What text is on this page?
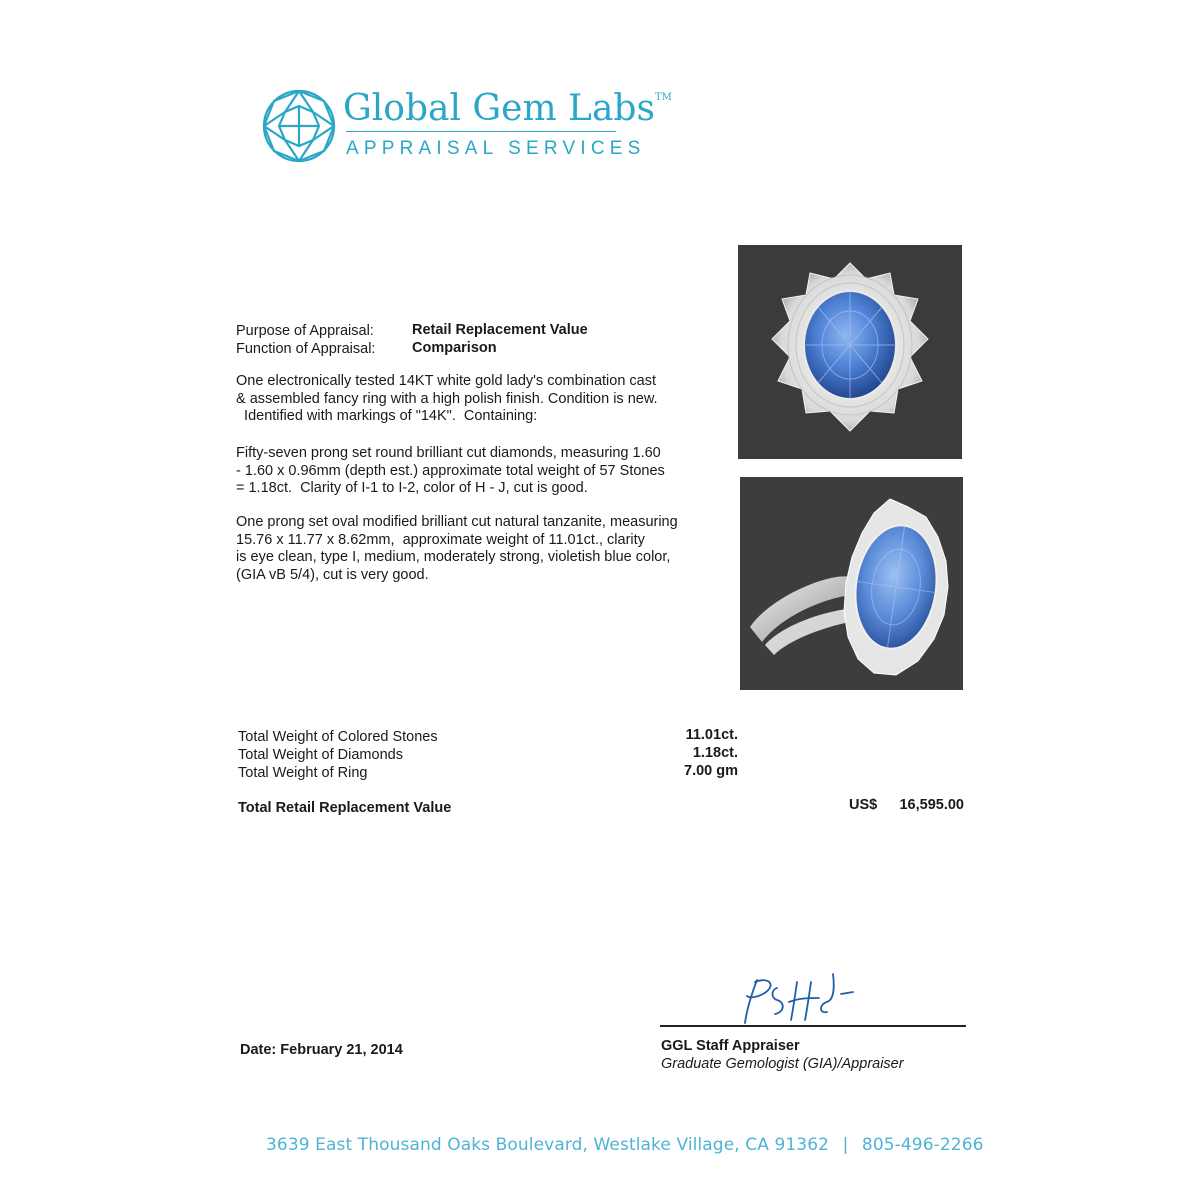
Global Gem Labs™
APPRAISAL SERVICES
Purpose of Appraisal:	Retail Replacement Value
Function of Appraisal:	Comparison
One electronically tested 14KT white gold lady's combination cast
& assembled fancy ring with a high polish finish. Condition is new.
Identified with markings of "14K".  Containing:
Fifty-seven prong set round brilliant cut diamonds, measuring 1.60
- 1.60 x 0.96mm (depth est.) approximate total weight of 57 Stones
= 1.18ct.  Clarity of I-1 to I-2, color of H - J, cut is good.
One prong set oval modified brilliant cut natural tanzanite, measuring
15.76 x 11.77 x 8.62mm,  approximate weight of 11.01ct., clarity
is eye clean, type I, medium, moderately strong, violetish blue color,
(GIA vB 5/4), cut is very good.
Total Weight of Colored Stones	11.01ct.
Total Weight of Diamonds	1.18ct.
Total Weight of Ring	7.00 gm
Total Retail Replacement Value	US$	16,595.00
Date: February 21, 2014	GGL Staff Appraiser
Graduate Gemologist (GIA)/Appraiser
3639 East Thousand Oaks Boulevard, Westlake Village, CA 91362 | 805-496-2266
